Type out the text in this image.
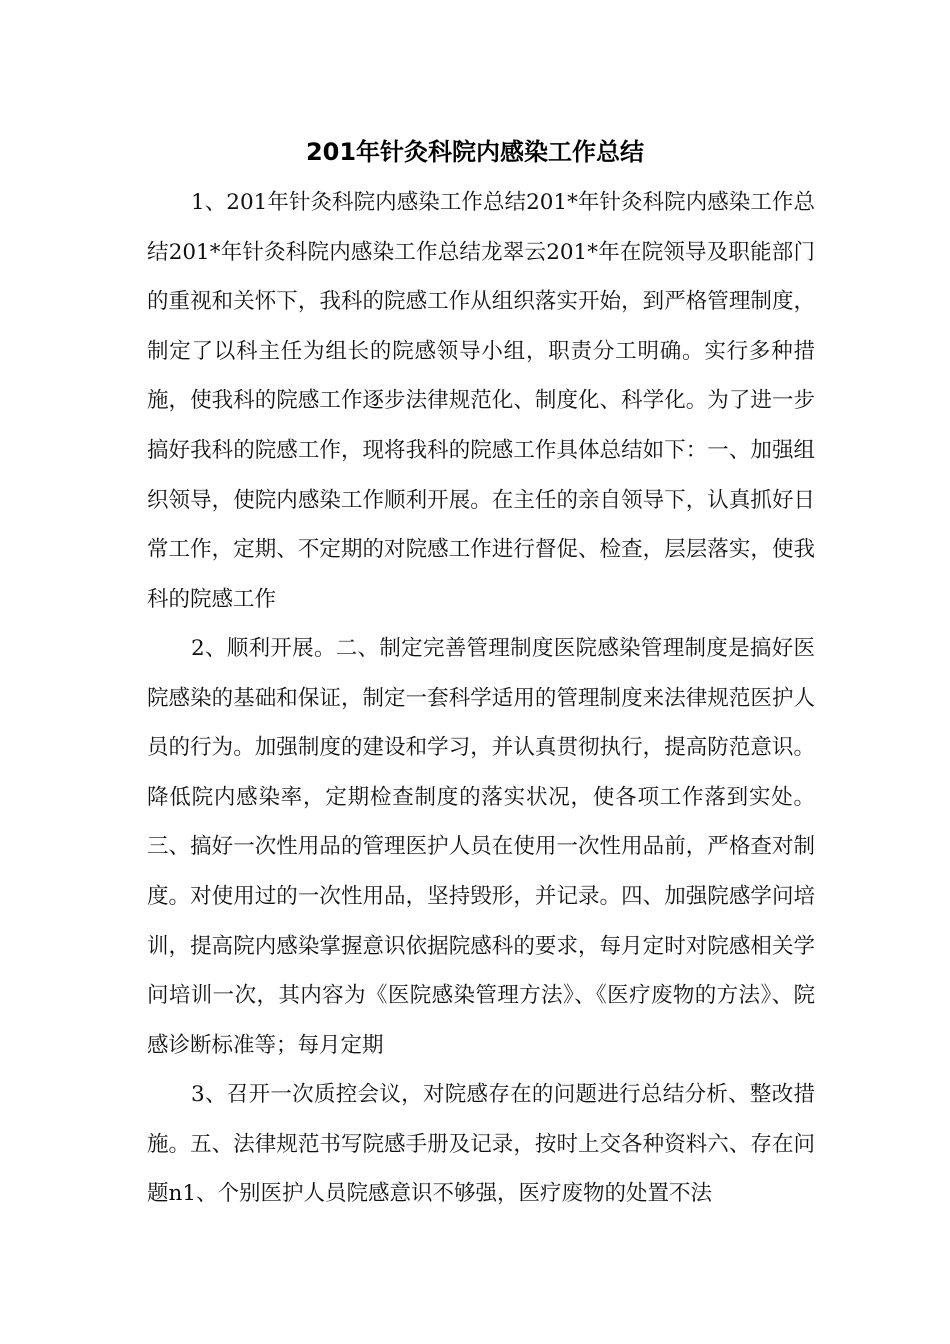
201年针灸科院内感染工作总结

1、201年针灸科院内感染工作总结201*年针灸科院内感染工作总结201*年针灸科院内感染工作总结龙翠云201*年在院领导及职能部门的重视和关怀下，我科的院感工作从组织落实开始，到严格管理制度，制定了以科主任为组长的院感领导小组，职责分工明确。实行多种措施，使我科的院感工作逐步法律规范化、制度化、科学化。为了进一步搞好我科的院感工作，现将我科的院感工作具体总结如下：一、加强组织领导，使院内感染工作顺利开展。在主任的亲自领导下，认真抓好日常工作，定期、不定期的对院感工作进行督促、检查，层层落实，使我科的院感工作

2、顺利开展。二、制定完善管理制度医院感染管理制度是搞好医院感染的基础和保证，制定一套科学适用的管理制度来法律规范医护人员的行为。加强制度的建设和学习，并认真贯彻执行，提高防范意识。降低院内感染率，定期检查制度的落实状况，使各项工作落到实处。三、搞好一次性用品的管理医护人员在使用一次性用品前，严格查对制度。对使用过的一次性用品，坚持毁形，并记录。四、加强院感学问培训，提高院内感染掌握意识依据院感科的要求，每月定时对院感相关学问培训一次，其内容为《医院感染管理方法》、《医疗废物的方法》、院感诊断标准等；每月定期

3、召开一次质控会议，对院感存在的问题进行总结分析、整改措施。五、法律规范书写院感手册及记录，按时上交各种资料六、存在问题n1、个别医护人员院感意识不够强，医疗废物的处置不法
